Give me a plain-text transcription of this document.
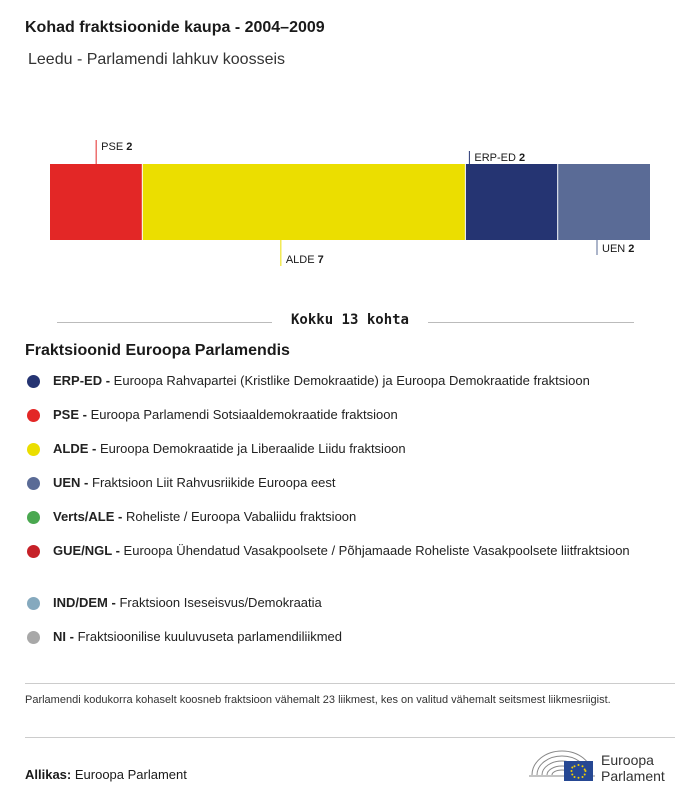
Kohad fraktsioonide kaupa - 2004–2009
Leedu - Parlamendi lahkuv koosseis
PSE 2
ALDE 7
ERP-ED 2
UEN 2
Kokku 13 kohta
Fraktsioonid Euroopa Parlamendis
ERP-ED - Euroopa Rahvapartei (Kristlike Demokraatide) ja Euroopa Demokraatide fraktsioon
PSE - Euroopa Parlamendi Sotsiaaldemokraatide fraktsioon
ALDE - Euroopa Demokraatide ja Liberaalide Liidu fraktsioon
UEN - Fraktsioon Liit Rahvusriikide Euroopa eest
Verts/ALE - Roheliste / Euroopa Vabaliidu fraktsioon
GUE/NGL - Euroopa Ühendatud Vasakpoolsete / Põhjamaade Roheliste Vasakpoolsete liitfraktsioon
IND/DEM - Fraktsioon Iseseisvus/Demokraatia
NI - Fraktsioonilise kuuluvuseta parlamendiliikmed
Parlamendi kodukorra kohaselt koosneb fraktsioon vähemalt 23 liikmest, kes on valitud vähemalt seitsmest liikmesriigist.
Allikas: Euroopa Parlament
Euroopa
Parlament
